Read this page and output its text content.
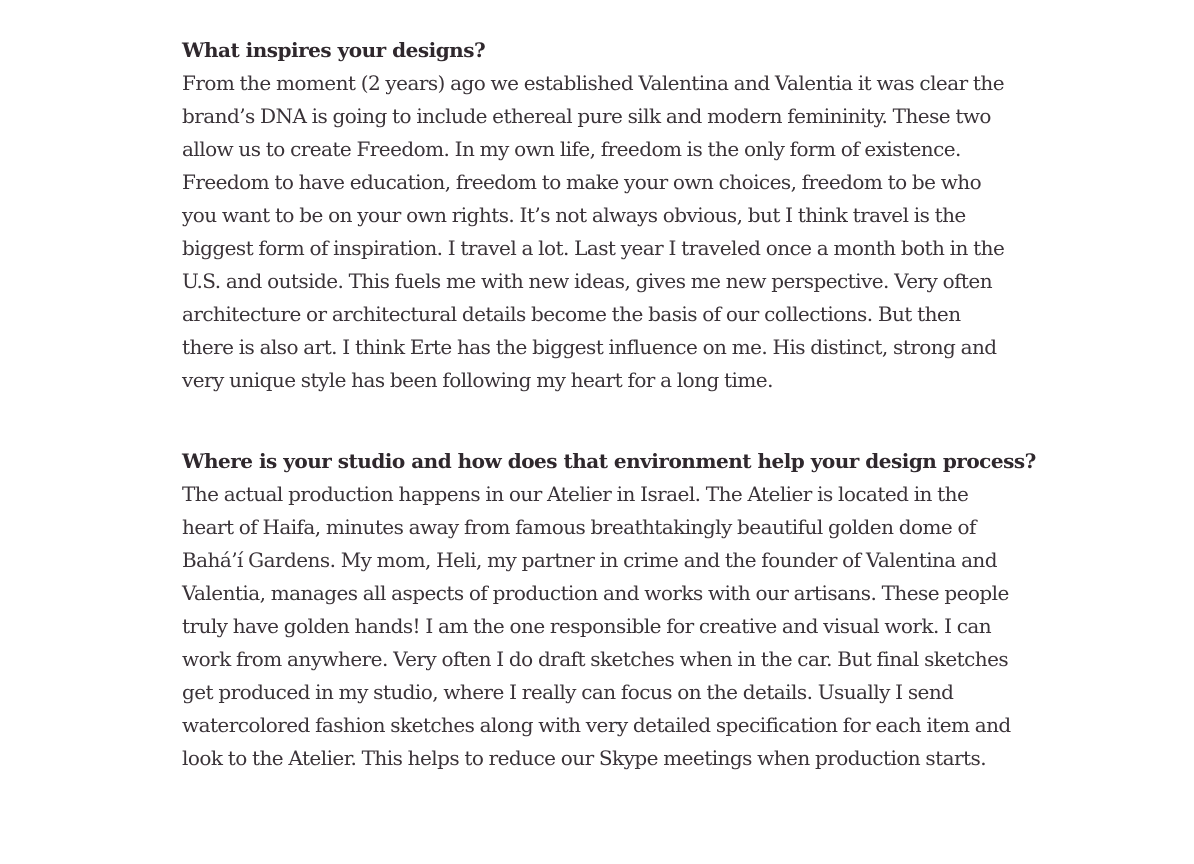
What inspires your designs?

From the moment (2 years) ago we established Valentina and Valentia it was clear the brand’s DNA is going to include ethereal pure silk and modern femininity. These two allow us to create Freedom. In my own life, freedom is the only form of existence. Freedom to have education, freedom to make your own choices, freedom to be who you want to be on your own rights. It’s not always obvious, but I think travel is the biggest form of inspiration. I travel a lot. Last year I traveled once a month both in the U.S. and outside. This fuels me with new ideas, gives me new perspective. Very often architecture or architectural details become the basis of our collections. But then there is also art. I think Erte has the biggest influence on me. His distinct, strong and very unique style has been following my heart for a long time.

Where is your studio and how does that environment help your design process?

The actual production happens in our Atelier in Israel. The Atelier is located in the heart of Haifa, minutes away from famous breathtakingly beautiful golden dome of Bahá’í Gardens. My mom, Heli, my partner in crime and the founder of Valentina and Valentia, manages all aspects of production and works with our artisans. These people truly have golden hands! I am the one responsible for creative and visual work. I can work from anywhere. Very often I do draft sketches when in the car. But final sketches get produced in my studio, where I really can focus on the details. Usually I send watercolored fashion sketches along with very detailed specification for each item and look to the Atelier. This helps to reduce our Skype meetings when production starts.
